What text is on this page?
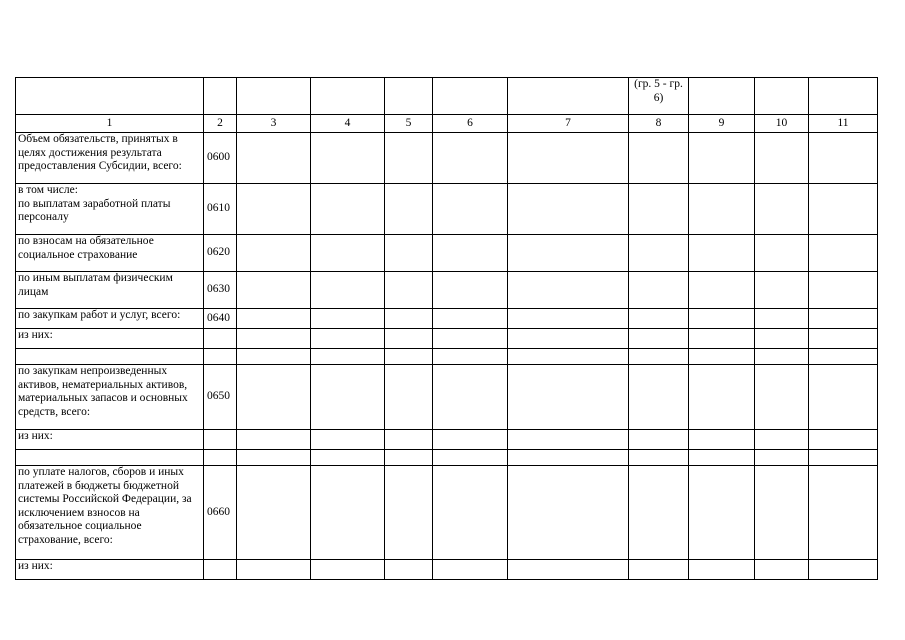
							(гр. 5 - гр. 6)			
1	2	3	4	5	6	7	8	9	10	11
Объем обязательств, принятых в целях достижения результата предоставления Субсидии, всего:	0600									
в том числе:
по выплатам заработной платы персоналу	0610									
по взносам на обязательное социальное страхование	0620									
по иным выплатам физическим лицам	0630									
по закупкам работ и услуг, всего:	0640									
из них:										

по закупкам непроизведенных активов, нематериальных активов, материальных запасов и основных средств, всего:	0650									
из них:										

по уплате налогов, сборов и иных платежей в бюджеты бюджетной системы Российской Федерации, за исключением взносов на обязательное социальное страхование, всего:	0660									
из них:										
